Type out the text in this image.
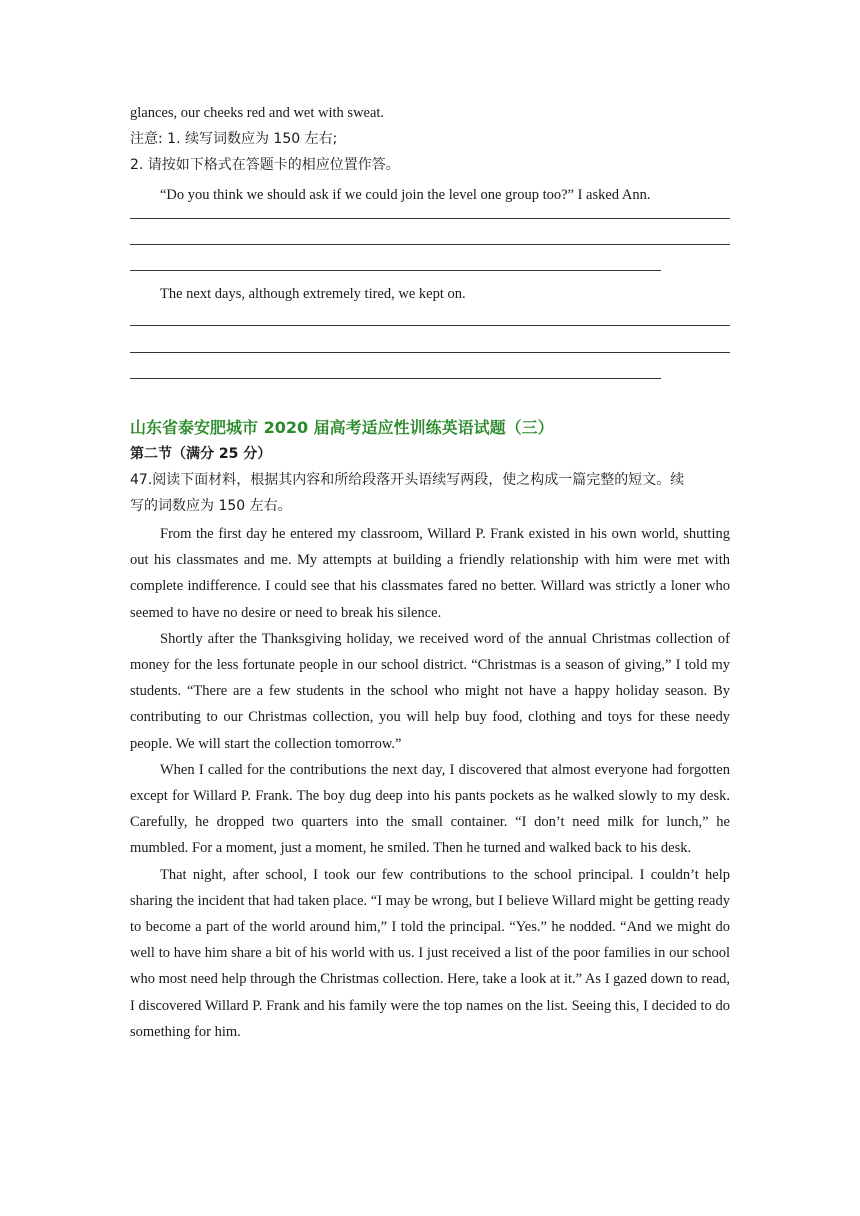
glances, our cheeks red and wet with sweat.
注意: 1. 续写词数应为 150 左右;
2. 请按如下格式在答题卡的相应位置作答。
“Do you think we should ask if we could join the level one group too?” I asked Ann.
The next days, although extremely tired, we kept on.
山东省泰安肥城市 2020 届高考适应性训练英语试题（三）
第二节（满分 25 分）
47.阅读下面材料，根据其内容和所给段落开头语续写两段，使之构成一篇完整的短文。续
写的词数应为 150 左右。

From the first day he entered my classroom, Willard P. Frank existed in his own world, shutting out his classmates and me. My attempts at building a friendly relationship with him were met with complete indifference. I could see that his classmates fared no better. Willard was strictly a loner who seemed to have no desire or need to break his silence.

Shortly after the Thanksgiving holiday, we received word of the annual Christmas collection of money for the less fortunate people in our school district. “Christmas is a season of giving,” I told my students. “There are a few students in the school who might not have a happy holiday season. By contributing to our Christmas collection, you will help buy food, clothing and toys for these needy people. We will start the collection tomorrow.”

When I called for the contributions the next day, I discovered that almost everyone had forgotten except for Willard P. Frank. The boy dug deep into his pants pockets as he walked slowly to my desk. Carefully, he dropped two quarters into the small container. “I don’t need milk for lunch,” he mumbled. For a moment, just a moment, he smiled. Then he turned and walked back to his desk.

That night, after school, I took our few contributions to the school principal. I couldn’t help sharing the incident that had taken place. “I may be wrong, but I believe Willard might be getting ready to become a part of the world around him,” I told the principal. “Yes.” he nodded. “And we might do well to have him share a bit of his world with us. I just received a list of the poor families in our school who most need help through the Christmas collection. Here, take a look at it.” As I gazed down to read, I discovered Willard P. Frank and his family were the top names on the list. Seeing this, I decided to do something for him.
